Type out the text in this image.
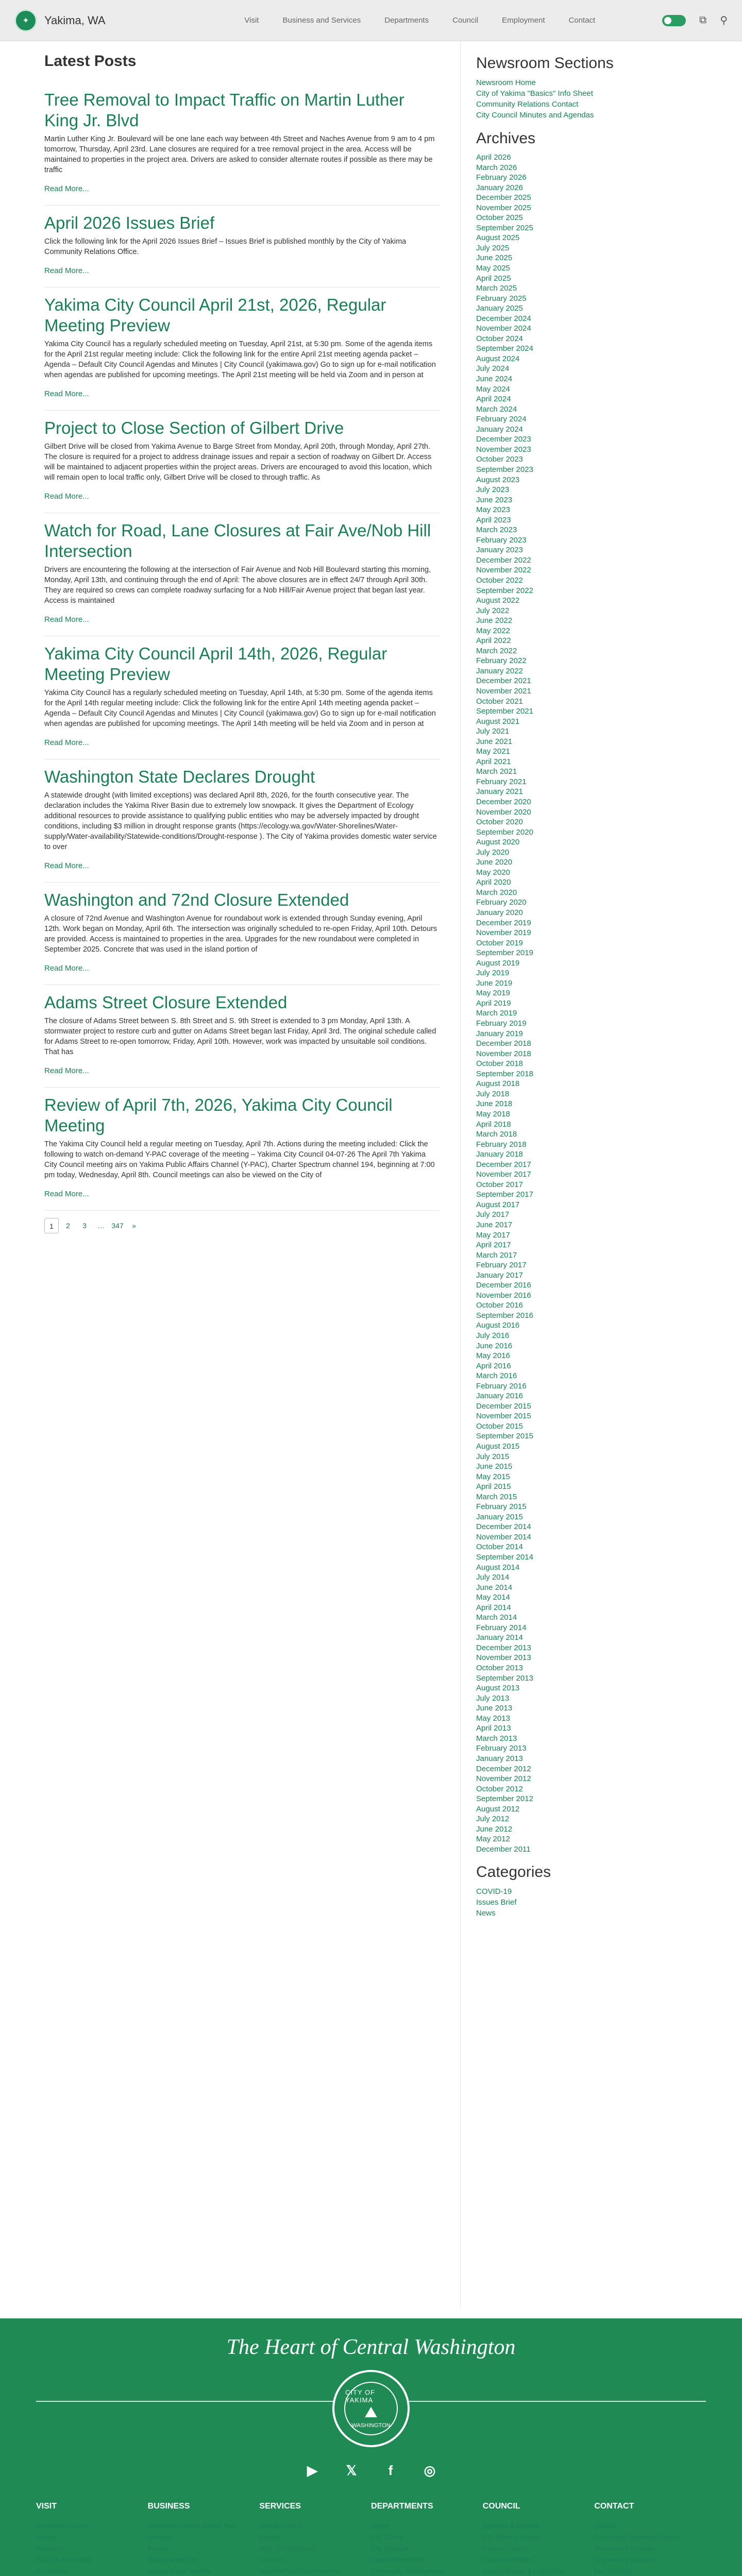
✦	Yakima, WA	Visit	Business and Services	Departments	Council	Employment	Contact	⧉ ⚲
Latest Posts
Tree Removal to Impact Traffic on Martin Luther King Jr. Blvd

Martin Luther King Jr. Boulevard will be one lane each way between 4th Street and Naches Avenue from 9 am to 4 pm tomorrow, Thursday, April 23rd. Lane closures are required for a tree removal project in the area. Access will be maintained to properties in the project area. Drivers are asked to consider alternate routes if possible as there may be traffic

Read More...
April 2026 Issues Brief

Click the following link for the April 2026 Issues Brief – Issues Brief is published monthly by the City of Yakima Community Relations Office.

Read More...
Yakima City Council April 21st, 2026, Regular Meeting Preview

Yakima City Council has a regularly scheduled meeting on Tuesday, April 21st, at 5:30 pm. Some of the agenda items for the April 21st regular meeting include: Click the following link for the entire April 21st meeting agenda packet – Agenda – Default City Council Agendas and Minutes | City Council (yakimawa.gov) Go to sign up for e-mail notification when agendas are published for upcoming meetings. The April 21st meeting will be held via Zoom and in person at

Read More...
Project to Close Section of Gilbert Drive

Gilbert Drive will be closed from Yakima Avenue to Barge Street from Monday, April 20th, through Monday, April 27th. The closure is required for a project to address drainage issues and repair a section of roadway on Gilbert Dr. Access will be maintained to adjacent properties within the project areas. Drivers are encouraged to avoid this location, which will remain open to local traffic only, Gilbert Drive will be closed to through traffic. As

Read More...
Watch for Road, Lane Closures at Fair Ave/Nob Hill Intersection

Drivers are encountering the following at the intersection of Fair Avenue and Nob Hill Boulevard starting this morning, Monday, April 13th, and continuing through the end of April: The above closures are in effect 24/7 through April 30th. They are required so crews can complete roadway surfacing for a Nob Hill/Fair Avenue project that began last year. Access is maintained

Read More...
Yakima City Council April 14th, 2026, Regular Meeting Preview

Yakima City Council has a regularly scheduled meeting on Tuesday, April 14th, at 5:30 pm. Some of the agenda items for the April 14th regular meeting include: Click the following link for the entire April 14th meeting agenda packet – Agenda – Default City Council Agendas and Minutes | City Council (yakimawa.gov) Go to sign up for e-mail notification when agendas are published for upcoming meetings. The April 14th meeting will be held via Zoom and in person at

Read More...
Washington State Declares Drought

A statewide drought (with limited exceptions) was declared April 8th, 2026, for the fourth consecutive year. The declaration includes the Yakima River Basin due to extremely low snowpack. It gives the Department of Ecology additional resources to provide assistance to qualifying public entities who may be adversely impacted by drought conditions, including $3 million in drought response grants (https://ecology.wa.gov/Water-Shorelines/Water-supply/Water-availability/Statewide-conditions/Drought-response ). The City of Yakima provides domestic water service to over

Read More...
Washington and 72nd Closure Extended

A closure of 72nd Avenue and Washington Avenue for roundabout work is extended through Sunday evening, April 12th. Work began on Monday, April 6th. The intersection was originally scheduled to re-open Friday, April 10th. Detours are provided. Access is maintained to properties in the area. Upgrades for the new roundabout were completed in September 2025. Concrete that was used in the island portion of

Read More...
Adams Street Closure Extended

The closure of Adams Street between S. 8th Street and S. 9th Street is extended to 3 pm Monday, April 13th. A stormwater project to restore curb and gutter on Adams Street began last Friday, April 3rd. The original schedule called for Adams Street to re-open tomorrow, Friday, April 10th. However, work was impacted by unsuitable soil conditions. That has

Read More...
Review of April 7th, 2026, Yakima City Council Meeting

The Yakima City Council held a regular meeting on Tuesday, April 7th. Actions during the meeting included: Click the following to watch on-demand Y-PAC coverage of the meeting – Yakima City Council 04-07-26 The April 7th Yakima City Council meeting airs on Yakima Public Affairs Channel (Y-PAC), Charter Spectrum channel 194, beginning at 7:00 pm today, Wednesday, April 8th. Council meetings can also be viewed on the City of

Read More...
1	2	3	… 347	»
Newsroom Sections
Newsroom Home
City of Yakima "Basics" Info Sheet
Community Relations Contact
City Council Minutes and Agendas
Archives
April 2026
March 2026
February 2026
January 2026
December 2025
November 2025
October 2025
September 2025
August 2025
July 2025
June 2025
May 2025
April 2025
March 2025
February 2025
January 2025
December 2024
November 2024
October 2024
September 2024
August 2024
July 2024
June 2024
May 2024
April 2024
March 2024
February 2024
January 2024
December 2023
November 2023
October 2023
September 2023
August 2023
July 2023
June 2023
May 2023
April 2023
March 2023
February 2023
January 2023
December 2022
November 2022
October 2022
September 2022
August 2022
July 2022
June 2022
May 2022
April 2022
March 2022
February 2022
January 2022
December 2021
November 2021
October 2021
September 2021
August 2021
July 2021
June 2021
May 2021
April 2021
March 2021
February 2021
January 2021
December 2020
November 2020
October 2020
September 2020
August 2020
July 2020
June 2020
May 2020
April 2020
March 2020
February 2020
January 2020
December 2019
November 2019
October 2019
September 2019
August 2019
July 2019
June 2019
May 2019
April 2019
March 2019
February 2019
January 2019
December 2018
November 2018
October 2018
September 2018
August 2018
July 2018
June 2018
May 2018
April 2018
March 2018
February 2018
January 2018
December 2017
November 2017
October 2017
September 2017
August 2017
July 2017
June 2017
May 2017
April 2017
March 2017
February 2017
January 2017
December 2016
November 2016
October 2016
September 2016
August 2016
July 2016
June 2016
May 2016
April 2016
March 2016
February 2016
January 2016
December 2015
November 2015
October 2015
September 2015
August 2015
July 2015
June 2015
May 2015
April 2015
March 2015
February 2015
January 2015
December 2014
November 2014
October 2014
September 2014
August 2014
July 2014
June 2014
May 2014
April 2014
March 2014
February 2014
January 2014
December 2013
November 2013
October 2013
September 2013
August 2013
July 2013
June 2013
May 2013
April 2013
March 2013
February 2013
January 2013
December 2012
November 2012
October 2012
September 2012
August 2012
July 2012
June 2012
May 2012
December 2011
Categories
COVID-19
Issues Brief
News
The Heart of Central Washington
CITY OF YAKIMA
⛰
WASHINGTON
▶	𝕏	f	◎
VISIT
Convention Center
History
Museums
Parks & Recreation
Recreation
BUSINESS
Downtown Yakima Master Plan
Licenses
Permits
Selling to the City
Special Event Permits
SERVICES
Animal Control
Events
Jobs / Employment
Licenses
Neighborhood Development
DEPARTMENTS
Airport
City Clerks
City Manager
Code Enforcement
Community Development
COUNCIL
Agendas & Minutes
City Meeting Videos
Contact Council
Council Members
Council Bodies & Legislation
CONTACT
Contact
Community Relations Contact
Department Contacts
Engineering Contacts
Fire Contacts
